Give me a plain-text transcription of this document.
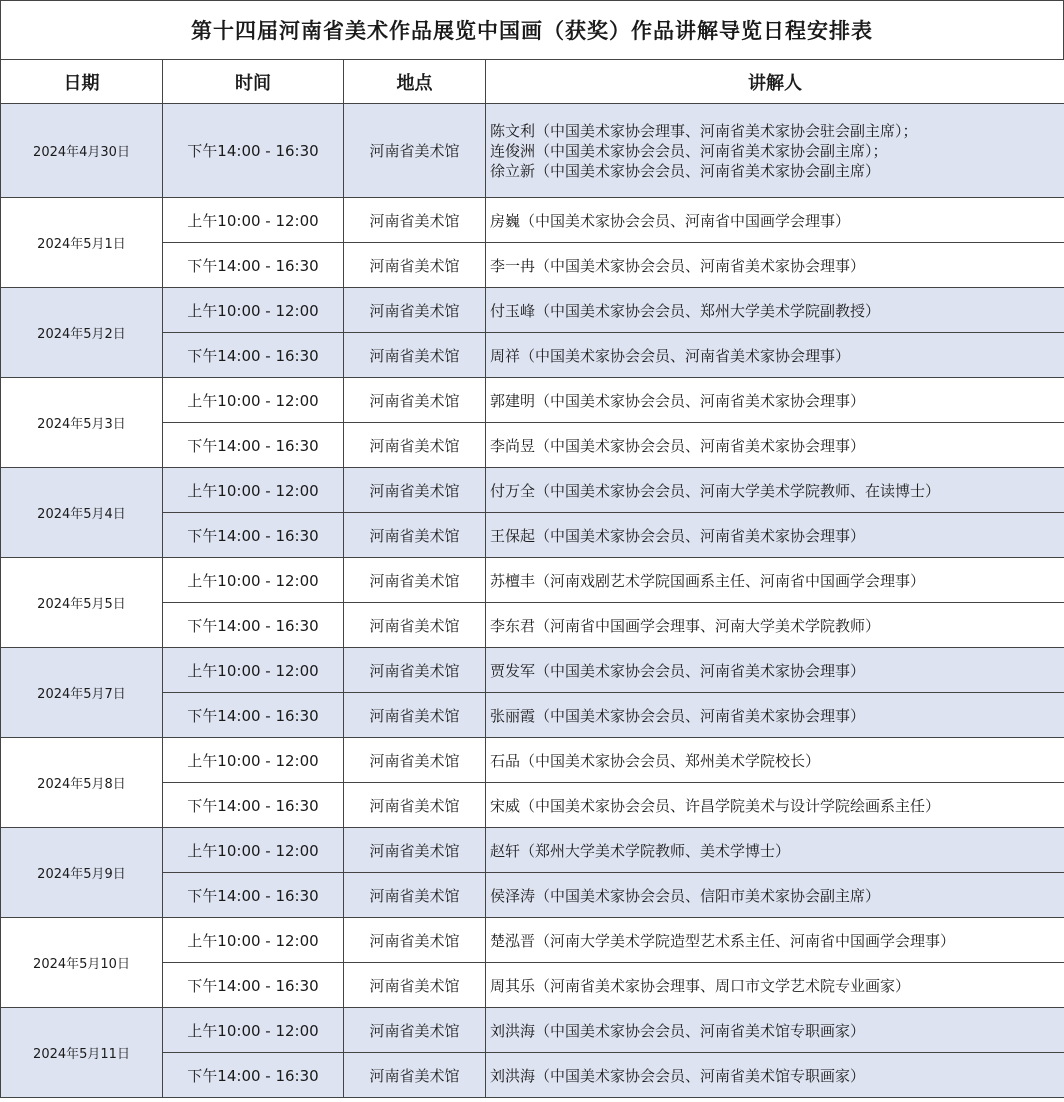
第十四届河南省美术作品展览中国画（获奖）作品讲解导览日程安排表
日期	时间	地点	讲解人
2024年4月30日	下午14:00 - 16:30	河南省美术馆	陈文利（中国美术家协会理事、河南省美术家协会驻会副主席）；
连俊洲（中国美术家协会会员、河南省美术家协会副主席）；
徐立新（中国美术家协会会员、河南省美术家协会副主席）

2024年5月1日	上午10:00 - 12:00	河南省美术馆	房巍（中国美术家协会会员、河南省中国画学会理事）
	下午14:00 - 16:30	河南省美术馆	李一冉（中国美术家协会会员、河南省美术家协会理事）
2024年5月2日	上午10:00 - 12:00	河南省美术馆	付玉峰（中国美术家协会会员、郑州大学美术学院副教授）
	下午14:00 - 16:30	河南省美术馆	周祥（中国美术家协会会员、河南省美术家协会理事）
2024年5月3日	上午10:00 - 12:00	河南省美术馆	郭建明（中国美术家协会会员、河南省美术家协会理事）
	下午14:00 - 16:30	河南省美术馆	李尚昱（中国美术家协会会员、河南省美术家协会理事）
2024年5月4日	上午10:00 - 12:00	河南省美术馆	付万全（中国美术家协会会员、河南大学美术学院教师、在读博士）
	下午14:00 - 16:30	河南省美术馆	王保起（中国美术家协会会员、河南省美术家协会理事）
2024年5月5日	上午10:00 - 12:00	河南省美术馆	苏檀丰（河南戏剧艺术学院国画系主任、河南省中国画学会理事）
	下午14:00 - 16:30	河南省美术馆	李东君（河南省中国画学会理事、河南大学美术学院教师）
2024年5月7日	上午10:00 - 12:00	河南省美术馆	贾发军（中国美术家协会会员、河南省美术家协会理事）
	下午14:00 - 16:30	河南省美术馆	张丽霞（中国美术家协会会员、河南省美术家协会理事）
2024年5月8日	上午10:00 - 12:00	河南省美术馆	石品（中国美术家协会会员、郑州美术学院校长）
	下午14:00 - 16:30	河南省美术馆	宋威（中国美术家协会会员、许昌学院美术与设计学院绘画系主任）
2024年5月9日	上午10:00 - 12:00	河南省美术馆	赵轩（郑州大学美术学院教师、美术学博士）
	下午14:00 - 16:30	河南省美术馆	侯泽涛（中国美术家协会会员、信阳市美术家协会副主席）
2024年5月10日	上午10:00 - 12:00	河南省美术馆	楚泓晋（河南大学美术学院造型艺术系主任、河南省中国画学会理事）
	下午14:00 - 16:30	河南省美术馆	周其乐（河南省美术家协会理事、周口市文学艺术院专业画家）
2024年5月11日	上午10:00 - 12:00	河南省美术馆	刘洪海（中国美术家协会会员、河南省美术馆专职画家）
	下午14:00 - 16:30	河南省美术馆	刘洪海（中国美术家协会会员、河南省美术馆专职画家）
